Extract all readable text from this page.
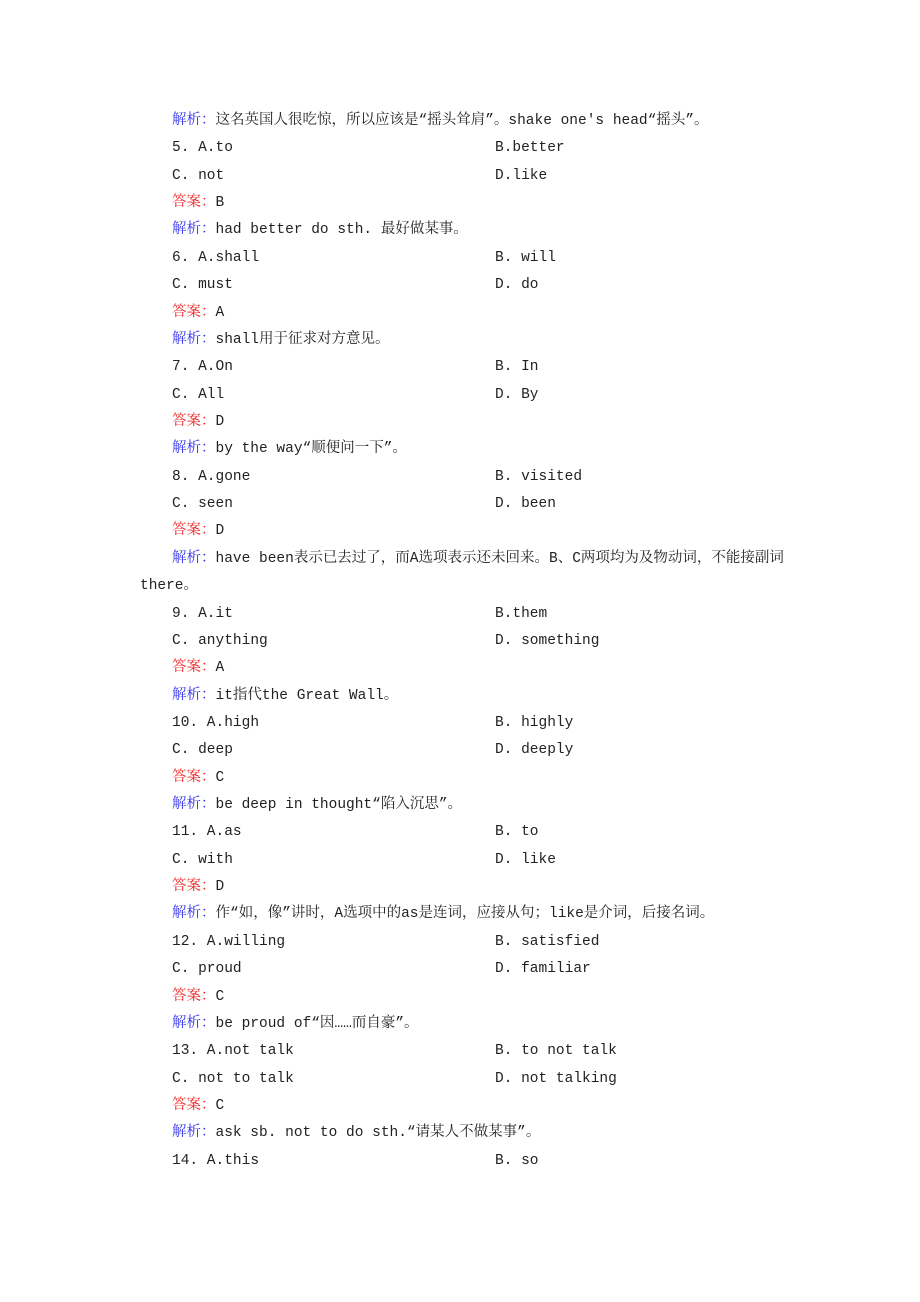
解析：这名英国人很吃惊，所以应该是“摇头耸肩”。shake one's head“摇头”。
5. A.to	B.better
C. not	D.like
答案：B
解析：had better do sth. 最好做某事。
6. A.shall	B. will
C. must	D. do
答案：A
解析：shall用于征求对方意见。
7. A.On	B. In
C. All	D. By
答案：D
解析：by the way“顺便问一下”。
8. A.gone	B. visited
C. seen	D. been
答案：D
解析：have been表示已去过了，而A选项表示还未回来。B、C两项均为及物动词，不能接副词there。
9. A.it	B.them
C. anything	D. something
答案：A
解析：it指代the Great Wall。
10. A.high	B. highly
C. deep	D. deeply
答案：C
解析：be deep in thought“陷入沉思”。
11. A.as	B. to
C. with	D. like
答案：D
解析：作“如，像”讲时，A选项中的as是连词，应接从句；like是介词，后接名词。
12. A.willing	B. satisfied
C. proud	D. familiar
答案：C
解析：be proud of“因……而自豪”。
13. A.not talk	B. to not talk
C. not to talk	D. not talking
答案：C
解析：ask sb. not to do sth.“请某人不做某事”。
14. A.this	B. so
